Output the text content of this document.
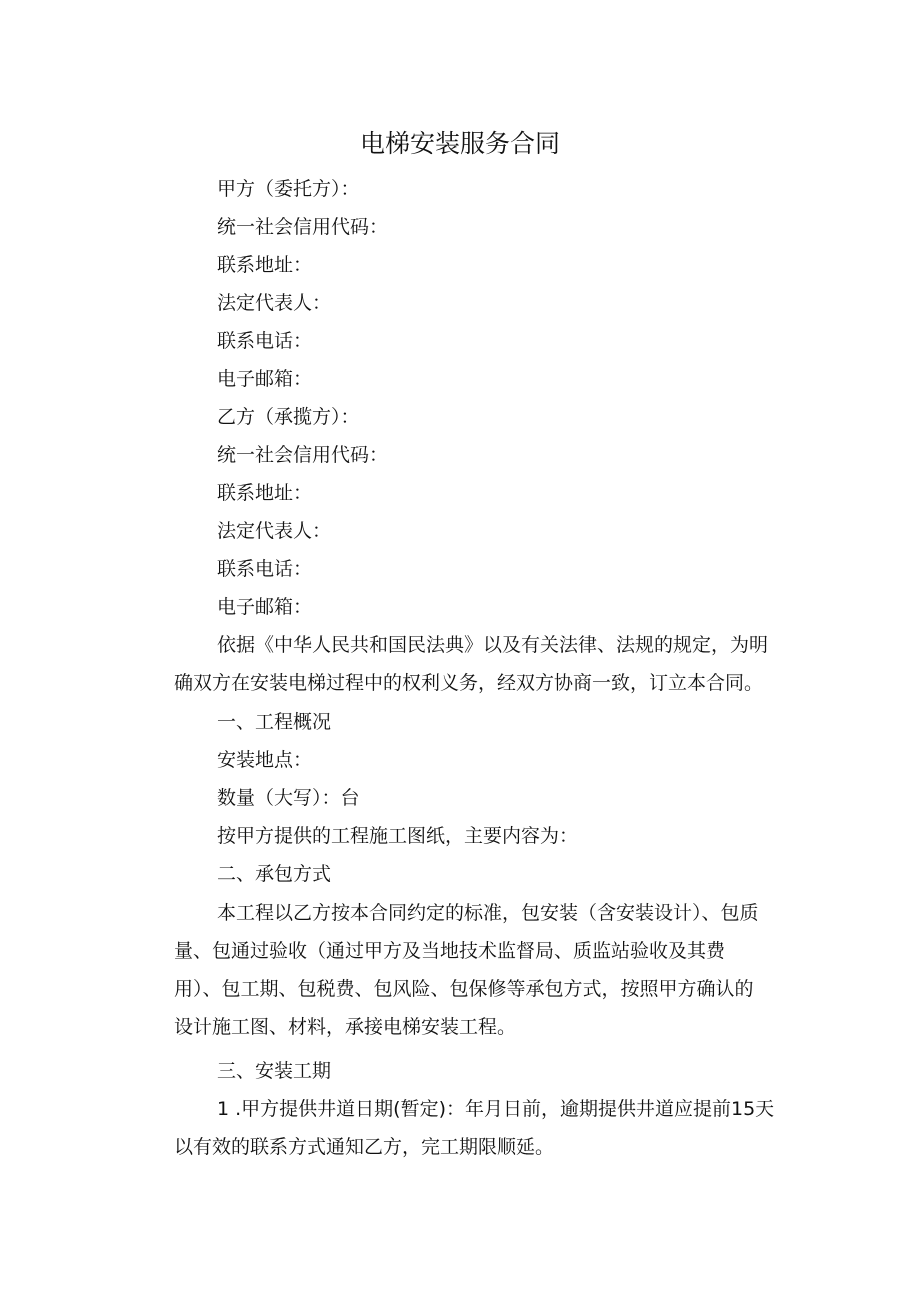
电梯安装服务合同
甲方（委托方）：
统一社会信用代码：
联系地址：
法定代表人：
联系电话：
电子邮箱：
乙方（承揽方）：
统一社会信用代码：
联系地址：
法定代表人：
联系电话：
电子邮箱：

依据《中华人民共和国民法典》以及有关法律、法规的规定，为明

确双方在安装电梯过程中的权利义务，经双方协商一致，订立本合同。

一、工程概况
安装地点：
数量（大写）：台
按甲方提供的工程施工图纸，主要内容为：
二、承包方式

本工程以乙方按本合同约定的标准，包安装（含安装设计）、包质

量、包通过验收（通过甲方及当地技术监督局、质监站验收及其费

用）、包工期、包税费、包风险、包保修等承包方式，按照甲方确认的

设计施工图、材料，承接电梯安装工程。

三、安装工期

1 .甲方提供井道日期(暂定)：年月日前，逾期提供井道应提前15天

以有效的联系方式通知乙方，完工期限顺延。
